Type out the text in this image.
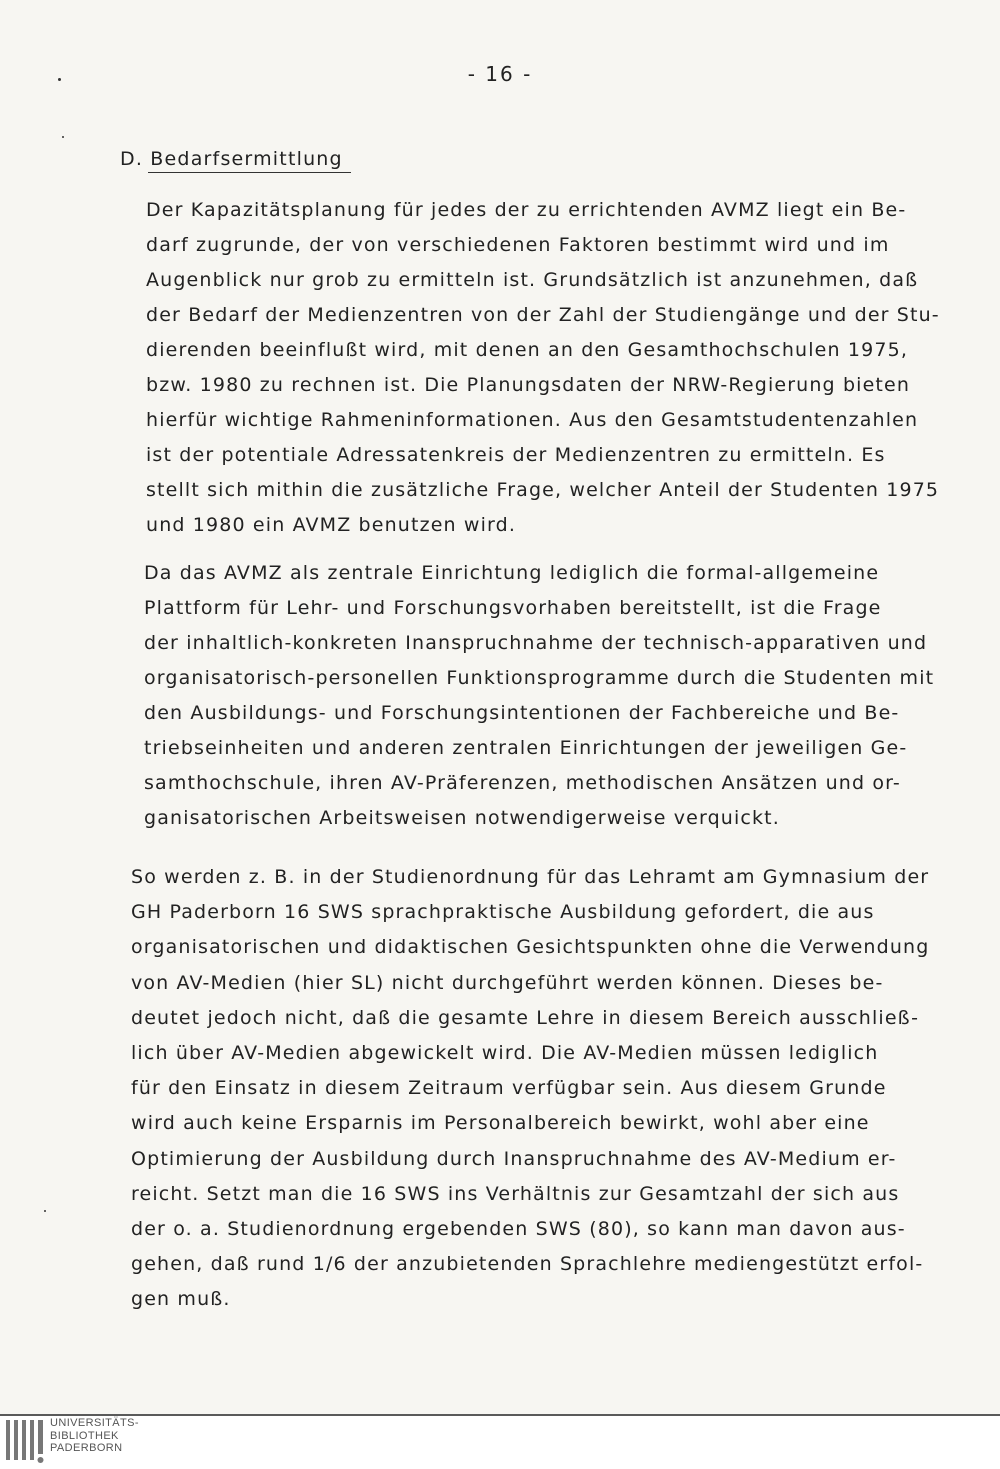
- 16 -
D. Bedarfsermittlung
Der Kapazitätsplanung für jedes der zu errichtenden AVMZ liegt ein Be-
darf zugrunde, der von verschiedenen Faktoren bestimmt wird und im
Augenblick nur grob zu ermitteln ist. Grundsätzlich ist anzunehmen, daß
der Bedarf der Medienzentren von der Zahl der Studiengänge und der Stu-
dierenden beeinflußt wird, mit denen an den Gesamthochschulen 1975,
bzw. 1980 zu rechnen ist. Die Planungsdaten der NRW-Regierung bieten
hierfür wichtige Rahmeninformationen. Aus den Gesamtstudentenzahlen
ist der potentiale Adressatenkreis der Medienzentren zu ermitteln. Es
stellt sich mithin die zusätzliche Frage, welcher Anteil der Studenten 1975
und 1980 ein AVMZ benutzen wird.
Da das AVMZ als zentrale Einrichtung lediglich die formal-allgemeine
Plattform für Lehr- und Forschungsvorhaben bereitstellt, ist die Frage
der inhaltlich-konkreten Inanspruchnahme der technisch-apparativen und
organisatorisch-personellen Funktionsprogramme durch die Studenten mit
den Ausbildungs- und Forschungsintentionen der Fachbereiche und Be-
triebseinheiten und anderen zentralen Einrichtungen der jeweiligen Ge-
samthochschule, ihren AV-Präferenzen, methodischen Ansätzen und or-
ganisatorischen Arbeitsweisen notwendigerweise verquickt.
So werden z. B. in der Studienordnung für das Lehramt am Gymnasium der
GH Paderborn 16 SWS sprachpraktische Ausbildung gefordert, die aus
organisatorischen und didaktischen Gesichtspunkten ohne die Verwendung
von AV-Medien (hier SL) nicht durchgeführt werden können. Dieses be-
deutet jedoch nicht, daß die gesamte Lehre in diesem Bereich ausschließ-
lich über AV-Medien abgewickelt wird. Die AV-Medien müssen lediglich
für den Einsatz in diesem Zeitraum verfügbar sein. Aus diesem Grunde
wird auch keine Ersparnis im Personalbereich bewirkt, wohl aber eine
Optimierung der Ausbildung durch Inanspruchnahme des AV-Medium er-
reicht. Setzt man die 16 SWS ins Verhältnis zur Gesamtzahl der sich aus
der o. a. Studienordnung ergebenden SWS (80), so kann man davon aus-
gehen, daß rund 1/6 der anzubietenden Sprachlehre mediengestützt erfol-
gen muß.
UNIVERSITÄTS-
BIBLIOTHEK
PADERBORN
